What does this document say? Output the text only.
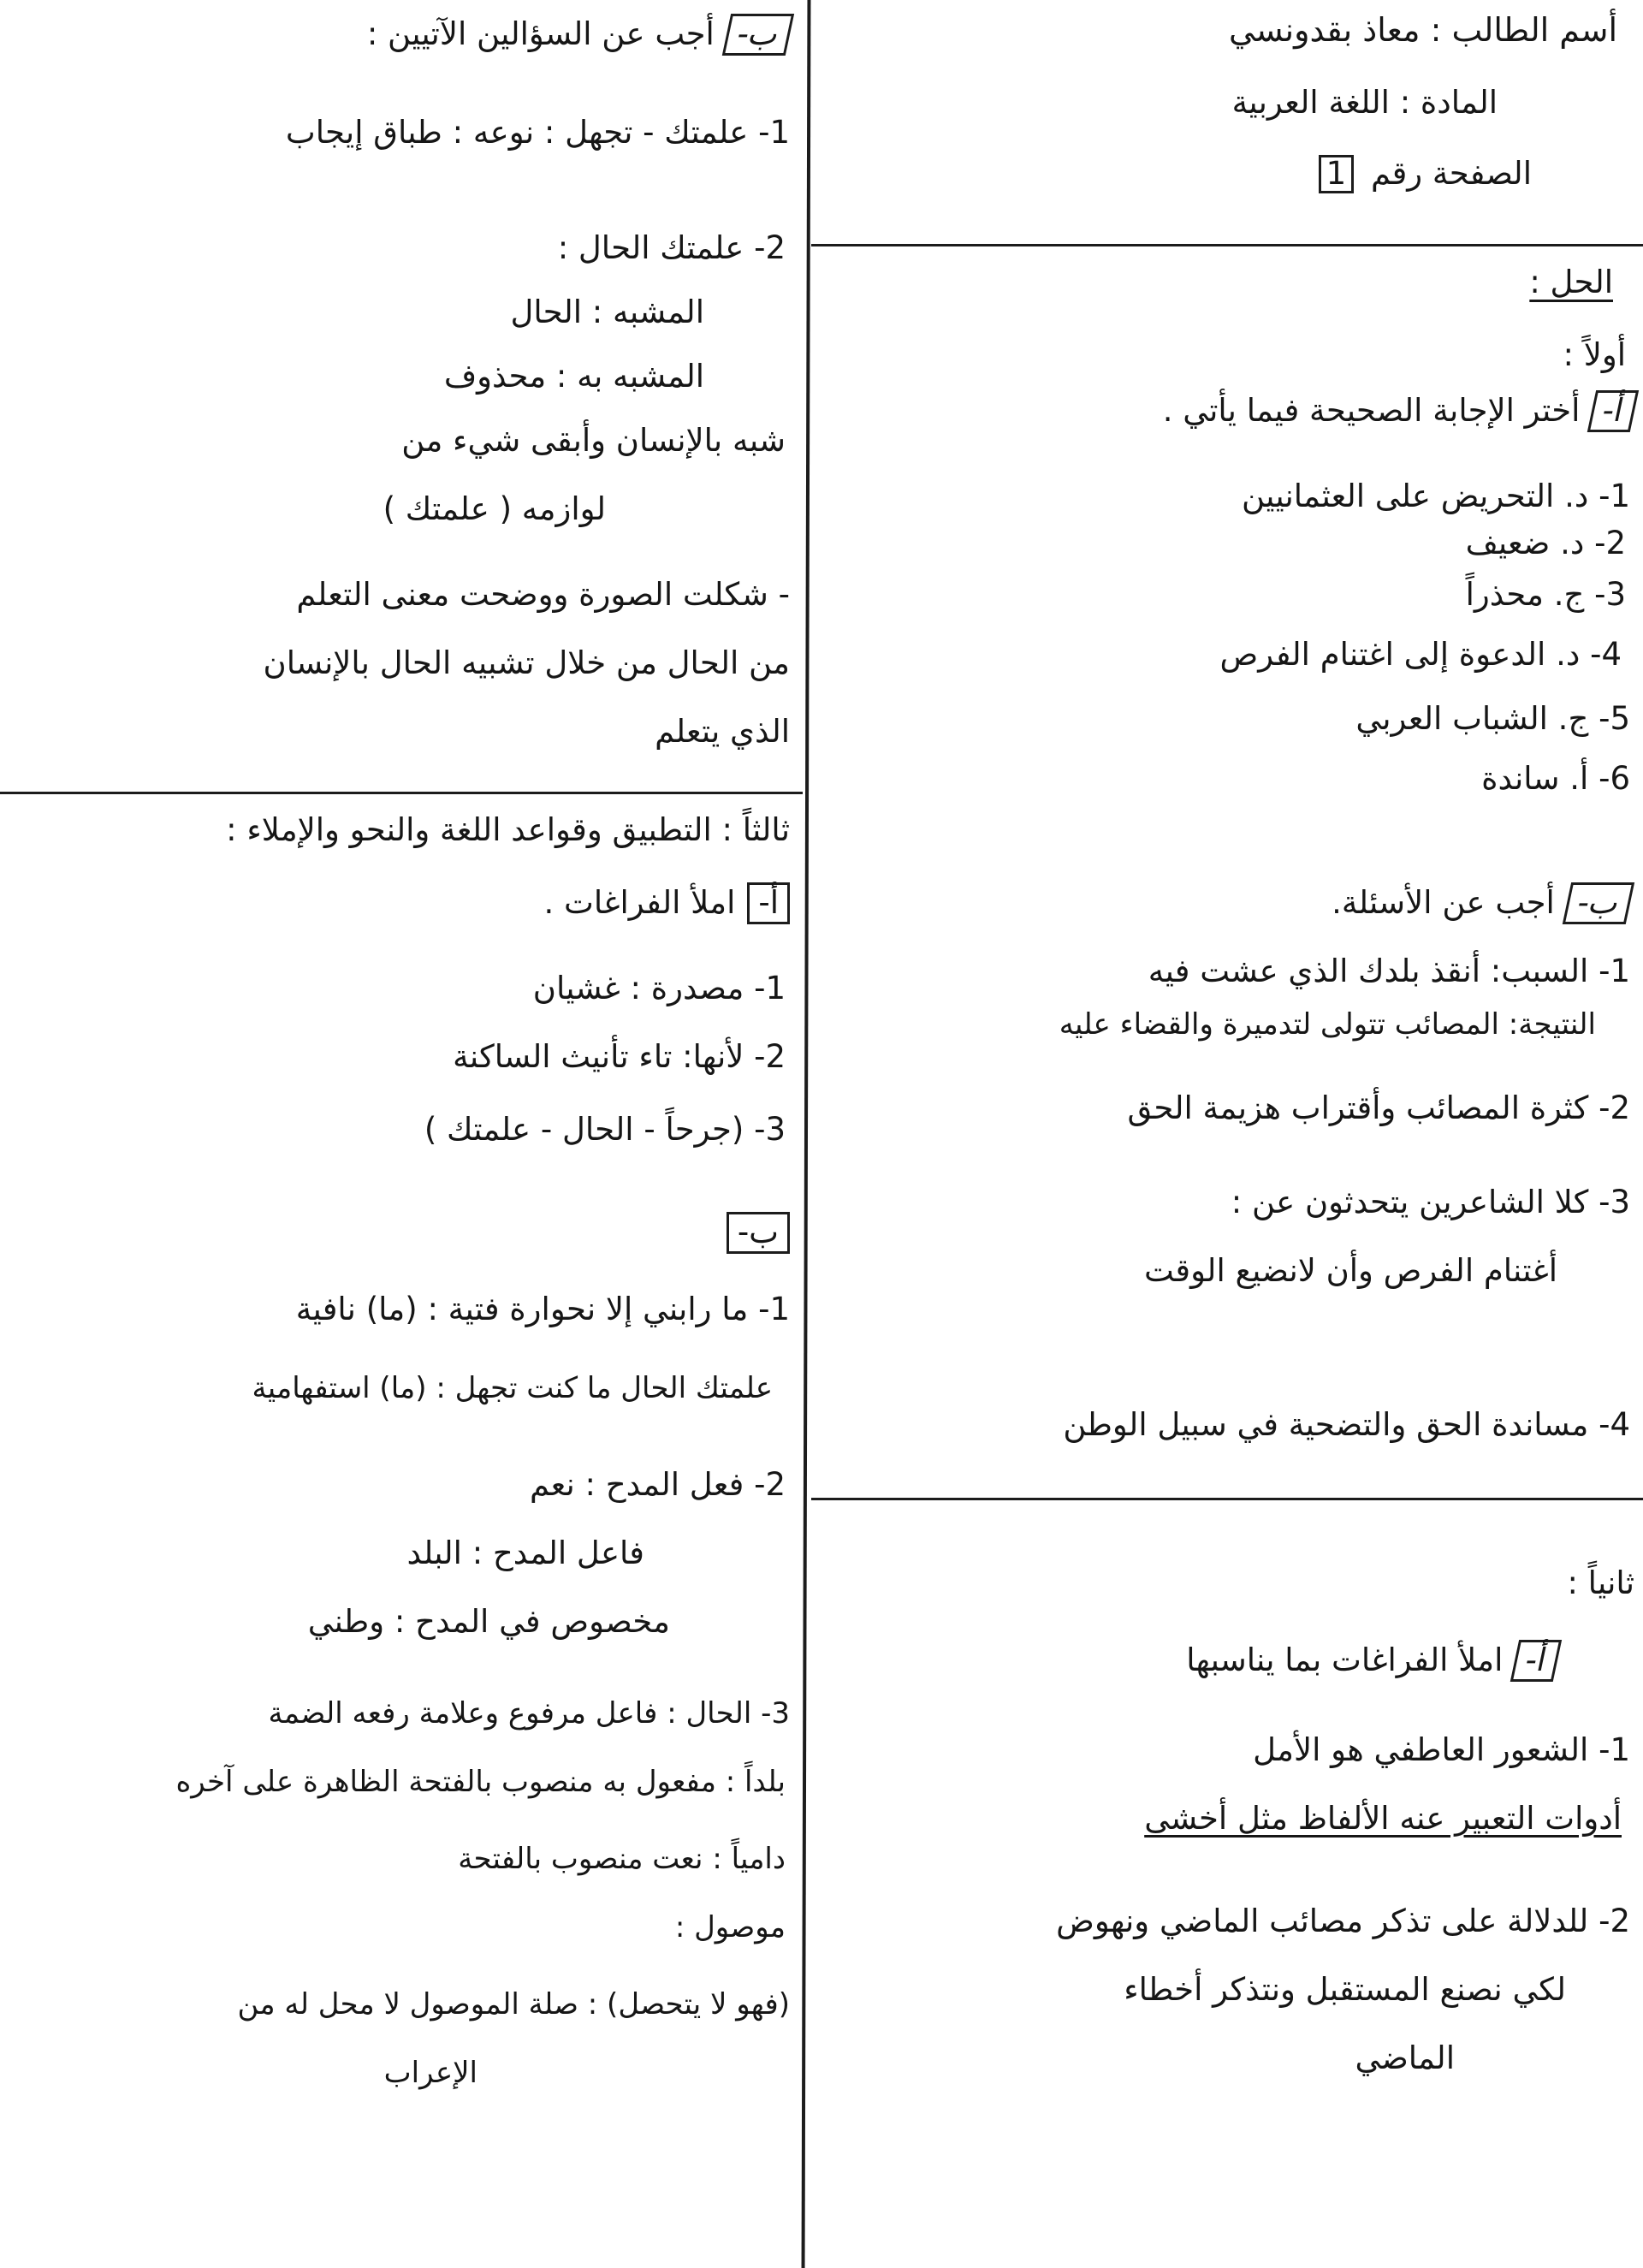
أسم الطالب : معاذ بقدونسي
المادة : اللغة العربية
الصفحة رقم 1
الحل :
أولاً :
أ-أختر الإجابة الصحيحة فيما يأتي .
1- د. التحريض على العثمانيين
2- د. ضعيف
3- ج. محذراً
4- د. الدعوة إلى اغتنام الفرص
5- ج. الشباب العربي
6- أ. ساندة
ب-أجب عن الأسئلة.
1- السبب: أنقذ بلدك الذي عشت فيه
النتيجة: المصائب تتولى لتدميرة والقضاء عليه
2- كثرة المصائب وأقتراب هزيمة الحق
3- كلا الشاعرين يتحدثون عن :
أغتنام الفرص وأن لانضيع الوقت
4- مساندة الحق والتضحية في سبيل الوطن
ثانياً :
أ-املأ الفراغات بما يناسبها
1- الشعور العاطفي هو الأمل
أدوات التعبير عنه الألفاظ مثل أخشى
2- للدلالة على تذكر مصائب الماضي ونهوض
لكي نصنع المستقبل ونتذكر أخطاء
الماضي
ب-أجب عن السؤالين الآتيين :
1- علمتك - تجهل : نوعه : طباق إيجاب
2- علمتك الحال :
المشبه : الحال
المشبه به : محذوف
شبه بالإنسان وأبقى شيء من
لوازمه ( علمتك )
- شكلت الصورة ووضحت معنى التعلم
من الحال من خلال تشبيه الحال بالإنسان
الذي يتعلم
ثالثاً : التطبيق وقواعد اللغة والنحو والإملاء :
أ-املأ الفراغات .
1- مصدرة : غشيان
2- لأنها: تاء تأنيث الساكنة
3- (جرحاً - الحال - علمتك )
ب-
1- ما رابني إلا نحوارة فتية : (ما) نافية
علمتك الحال ما كنت تجهل : (ما) استفهامية
2- فعل المدح : نعم
فاعل المدح : البلد
مخصوص في المدح : وطني
3- الحال : فاعل مرفوع وعلامة رفعه الضمة
بلداً : مفعول به منصوب بالفتحة الظاهرة على آخره
دامياً : نعت منصوب بالفتحة
موصول :
(فهو لا يتحصل) : صلة الموصول لا محل له من
الإعراب
